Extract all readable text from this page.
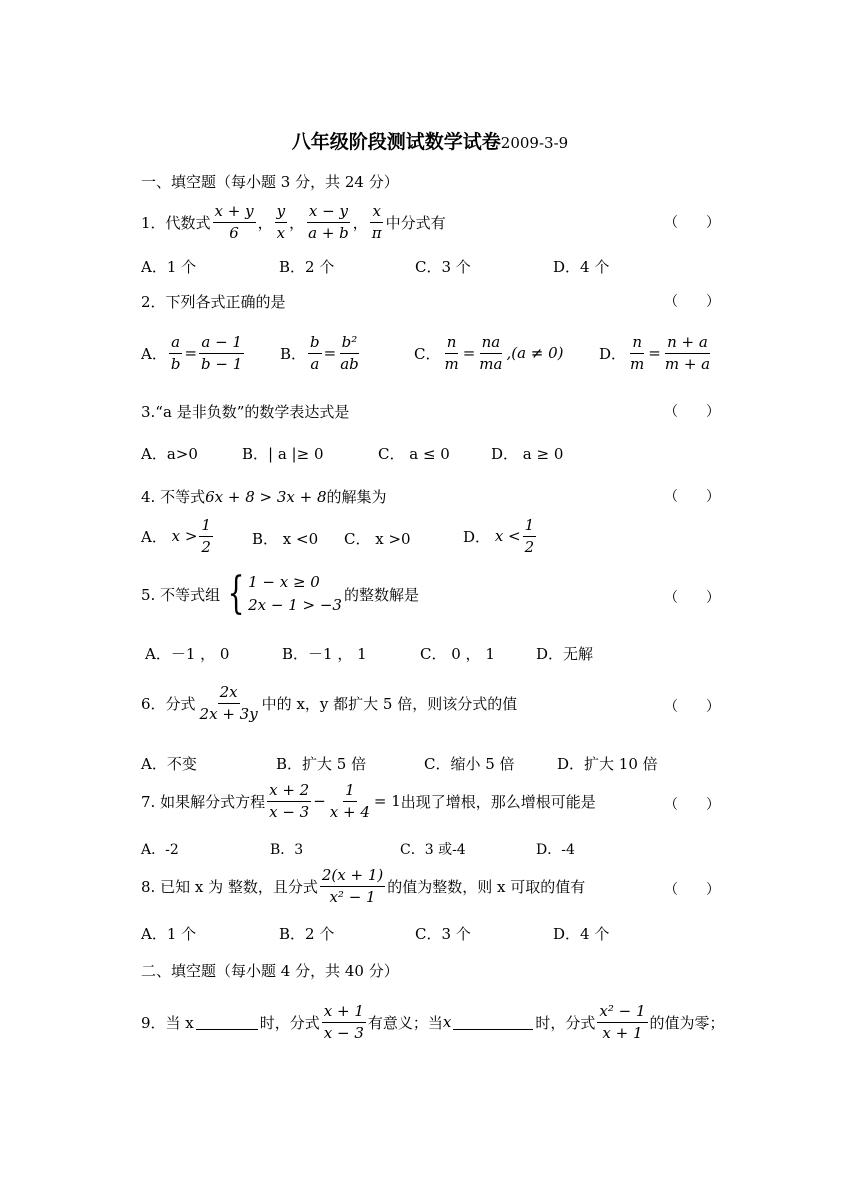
八年级阶段测试数学试卷2009-3-9
一、填空题（每小题 3 分，共 24 分）
1．代数式 $\frac{x + y}{6}$ ， $\frac{y}{x}$ ， $\frac{x - y}{a + b}$ ， $\frac{x}{\pi}$ 中分式有	（　　）
A．1 个	B．2 个	C．3 个	D．4 个
2．下列各式正确的是	（　　）
A． $\frac{a}{b} = \frac{a - 1}{b - 1}$ B． $\frac{b}{a} = \frac{\text{b²}}{ab}$	C． $\frac{n}{m} = \frac{na}{ma} ,(a \ne 0)$ D． $\frac{n}{m} = \frac{n + a}{m + a}$
3.“a 是非负数”的数学表达式是	（　　）
A．a>0	B．| a |≥ 0	C． a ≤ 0	D． a ≥ 0
4. 不等式 6x + 8 > 3x + 8 的解集为	（　　）
A．
$x > \frac{1}{2}$	B． x <0 C． x >0	D．
$x < \frac{1}{2}$
5. 不等式组 { 1 − x ≥ 0
2x − 1 > −3
的整数解是	（　　）
A．－1 ， 0	B．－1 ， 1	C． 0 ， 1	D．无解
6．分式 $\frac{2x}{2x + 3y}$ 中的 x，y 都扩大 5 倍，则该分式的值	（　　）
A．不变	B．扩大 5 倍	C．缩小 5 倍	D．扩大 10 倍
7. 如果解分式方程 $\frac{x + 2}{x - 3} - \frac{1}{x + 4} = 1$ 出现了增根，那么增根可能是	（　　）
A．-2	B．3	C．3 或-4	D．-4
8. 已知 x 为 整数，且分式 $\frac{2(x + 1)}{\text{x² − 1}}$ 的值为整数，则 x 可取的值有	（　　）
A．1 个	B．2 个	C．3 个	D．4 个
二、填空题（每小题 4 分，共 40 分）
9．当 x	时，分式 $\frac{x + 1}{x - 3}$ 有意义；当 x	时，分式 $\frac{\text{x² − 1}}{x + 1}$ 的值为零；
